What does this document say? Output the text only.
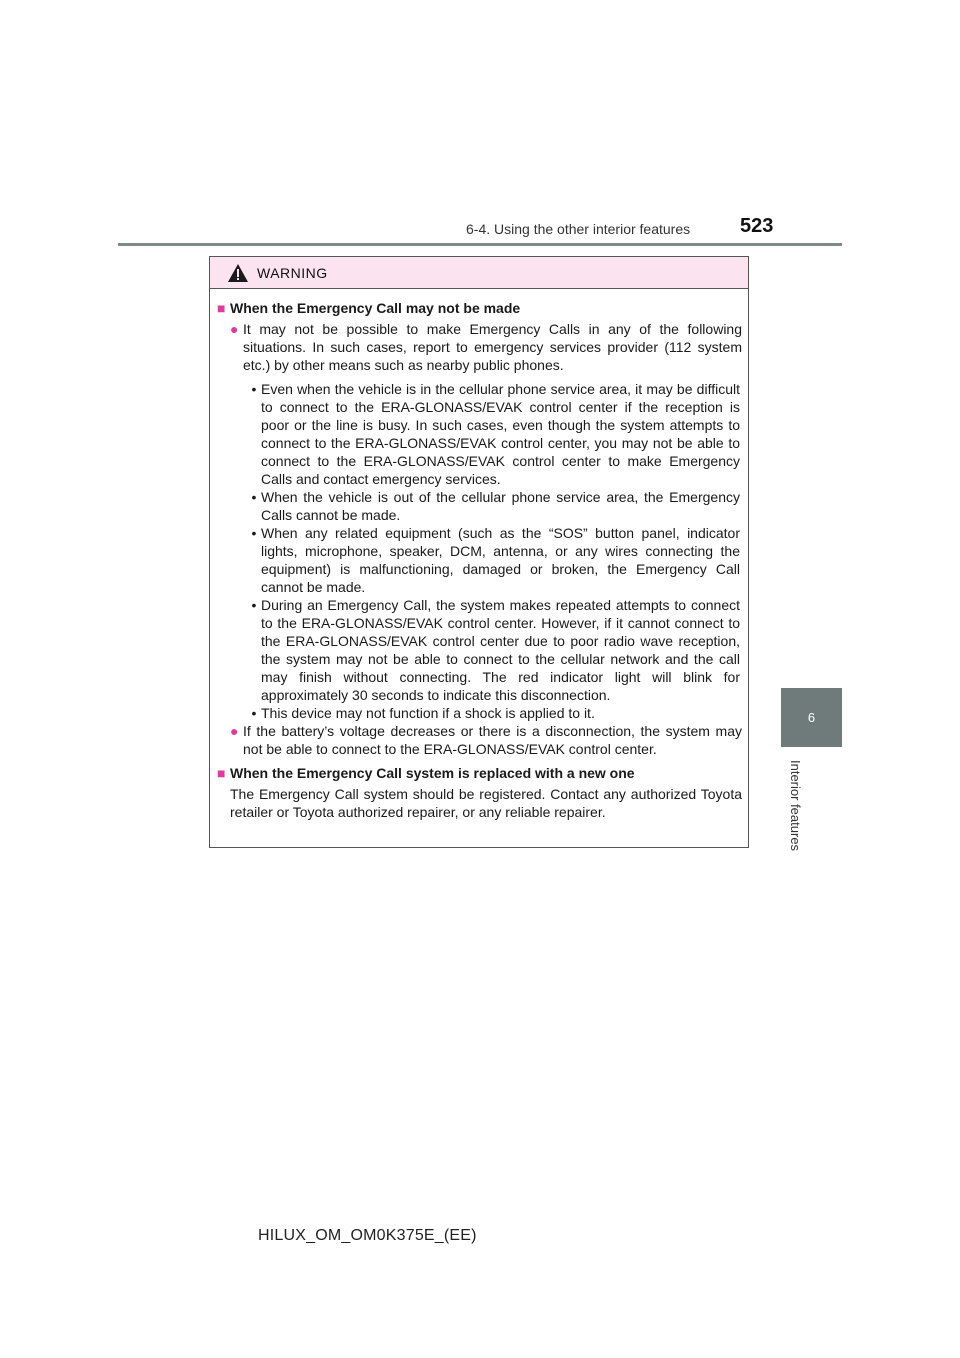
6-4. Using the other interior features 523
6
Interior features
WARNING
■ When the Emergency Call may not be made
● It may not be possible to make Emergency Calls in any of the following situations. In such cases, report to emergency services provider (112 system etc.) by other means such as nearby public phones.
• Even when the vehicle is in the cellular phone service area, it may be difficult to connect to the ERA-GLONASS/EVAK control center if the reception is poor or the line is busy. In such cases, even though the system attempts to connect to the ERA-GLONASS/EVAK control center, you may not be able to connect to the ERA-GLONASS/EVAK control center to make Emergency Calls and contact emergency services.
• When the vehicle is out of the cellular phone service area, the Emergency Calls cannot be made.
• When any related equipment (such as the “SOS” button panel, indicator lights, microphone, speaker, DCM, antenna, or any wires connecting the equipment) is malfunctioning, damaged or broken, the Emergency Call cannot be made.
• During an Emergency Call, the system makes repeated attempts to connect to the ERA-GLONASS/EVAK control center. However, if it cannot connect to the ERA-GLONASS/EVAK control center due to poor radio wave reception, the system may not be able to connect to the cellular network and the call may finish without connecting. The red indicator light will blink for approximately 30 seconds to indicate this disconnection.
• This device may not function if a shock is applied to it.
● If the battery’s voltage decreases or there is a disconnection, the system may not be able to connect to the ERA-GLONASS/EVAK control center.
■ When the Emergency Call system is replaced with a new one
The Emergency Call system should be registered. Contact any authorized Toyota retailer or Toyota authorized repairer, or any reliable repairer.
HILUX_OM_OM0K375E_(EE)
